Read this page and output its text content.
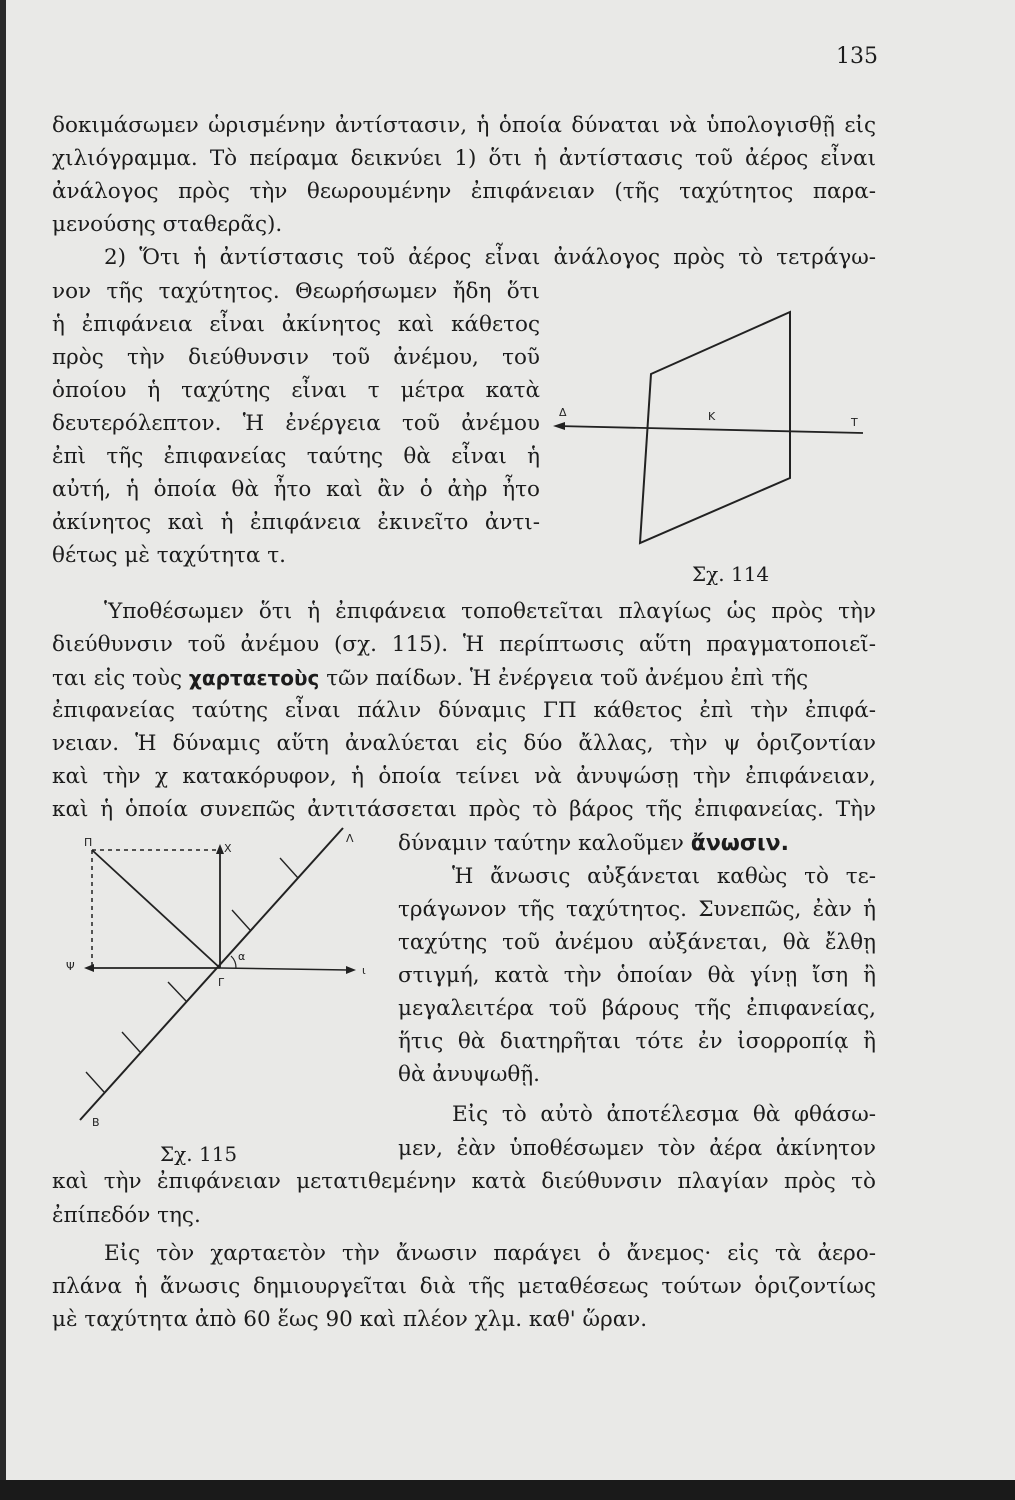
135
δοκιμάσωμεν ὡρισμένην ἀντίστασιν, ἡ ὁποία δύναται νὰ ὑπολογισθῇ εἰς
χιλιόγραμμα. Τὸ πείραμα δεικνύει 1) ὅτι ἡ ἀντίστασις τοῦ ἀέρος εἶναι
ἀνάλογος πρὸς τὴν θεωρουμένην ἐπιφάνειαν (τῆς ταχύτητος παρα-
μενούσης σταθερᾶς).
2) Ὅτι ἡ ἀντίστασις τοῦ ἀέρος εἶναι ἀνάλογος πρὸς τὸ τετράγω-
νον τῆς ταχύτητος. Θεωρήσωμεν ἤδη ὅτι
ἡ ἐπιφάνεια εἶναι ἀκίνητος καὶ κάθετος
πρὸς τὴν διεύθυνσιν τοῦ ἀνέμου, τοῦ
ὁποίου ἡ ταχύτης εἶναι τ μέτρα κατὰ
δευτερόλεπτον. Ἡ ἐνέργεια τοῦ ἀνέμου
ἐπὶ τῆς ἐπιφανείας ταύτης θὰ εἶναι ἡ
αὐτή, ἡ ὁποία θὰ ἦτο καὶ ἂν ὁ ἀὴρ ἦτο
ἀκίνητος καὶ ἡ ἐπιφάνεια ἐκινεῖτο ἀντι-
θέτως μὲ ταχύτητα τ.
Δ	Κ	Τ
Σχ. 114
Ὑποθέσωμεν ὅτι ἡ ἐπιφάνεια τοποθετεῖται πλαγίως ὡς πρὸς τὴν
διεύθυνσιν τοῦ ἀνέμου (σχ. 115). Ἡ περίπτωσις αὕτη πραγματοποιεῖ-
ται εἰς τοὺς χαρταετοὺς τῶν παίδων. Ἡ ἐνέργεια τοῦ ἀνέμου ἐπὶ τῆς
ἐπιφανείας ταύτης εἶναι πάλιν δύναμις ΓΠ κάθετος ἐπὶ τὴν ἐπιφά-
νειαν. Ἡ δύναμις αὕτη ἀναλύεται εἰς δύο ἄλλας, τὴν ψ ὁριζοντίαν
καὶ τὴν χ κατακόρυφον, ἡ ὁποία τείνει νὰ ἀνυψώσῃ τὴν ἐπιφάνειαν,
καὶ ἡ ὁποία συνεπῶς ἀντιτάσσεται πρὸς τὸ βάρος τῆς ἐπιφανείας. Τὴν
Π	Χ
Λ
Ψ
α
Γ
ι
Β
Σχ. 115
δύναμιν ταύτην καλοῦμεν ἄνωσιν.
Ἡ ἄνωσις αὐξάνεται καθὼς τὸ τε-
τράγωνον τῆς ταχύτητος. Συνεπῶς, ἐὰν ἡ
ταχύτης τοῦ ἀνέμου αὐξάνεται, θὰ ἔλθῃ
στιγμή, κατὰ τὴν ὁποίαν θὰ γίνῃ ἴση ἢ
μεγαλειτέρα τοῦ βάρους τῆς ἐπιφανείας,
ἥτις θὰ διατηρῆται τότε ἐν ἰσορροπίᾳ ἢ
θὰ ἀνυψωθῇ.
Εἰς τὸ αὐτὸ ἀποτέλεσμα θὰ φθάσω-
μεν, ἐὰν ὑποθέσωμεν τὸν ἀέρα ἀκίνητον
καὶ τὴν ἐπιφάνειαν μετατιθεμένην κατὰ διεύθυνσιν πλαγίαν πρὸς τὸ
ἐπίπεδόν της.
Εἰς τὸν χαρταετὸν τὴν ἄνωσιν παράγει ὁ ἄνεμος· εἰς τὰ ἀερο-
πλάνα ἡ ἄνωσις δημιουργεῖται διὰ τῆς μεταθέσεως τούτων ὁριζοντίως
μὲ ταχύτητα ἀπὸ 60 ἕως 90 καὶ πλέον χλμ. καθ' ὥραν.
